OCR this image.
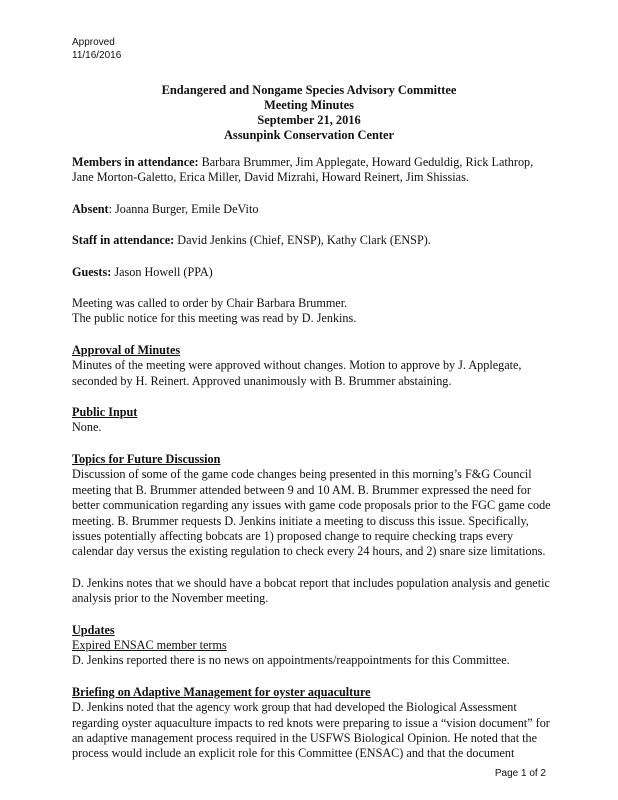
Approved
11/16/2016
Endangered and Nongame Species Advisory Committee
Meeting Minutes
September 21, 2016
Assunpink Conservation Center

Members in attendance: Barbara Brummer, Jim Applegate, Howard Geduldig, Rick Lathrop, Jane Morton-Galetto, Erica Miller, David Mizrahi, Howard Reinert, Jim Shissias.

Absent: Joanna Burger, Emile DeVito

Staff in attendance: David Jenkins (Chief, ENSP), Kathy Clark (ENSP).

Guests: Jason Howell (PPA)

Meeting was called to order by Chair Barbara Brummer.
The public notice for this meeting was read by D. Jenkins.

Approval of Minutes

Minutes of the meeting were approved without changes. Motion to approve by J. Applegate, seconded by H. Reinert. Approved unanimously with B. Brummer abstaining.

Public Input

None.

Topics for Future Discussion

Discussion of some of the game code changes being presented in this morning’s F&G Council meeting that B. Brummer attended between 9 and 10 AM. B. Brummer expressed the need for better communication regarding any issues with game code proposals prior to the FGC game code meeting. B. Brummer requests D. Jenkins initiate a meeting to discuss this issue. Specifically, issues potentially affecting bobcats are 1) proposed change to require checking traps every calendar day versus the existing regulation to check every 24 hours, and 2) snare size limitations.

D. Jenkins notes that we should have a bobcat report that includes population analysis and genetic analysis prior to the November meeting.

Updates
Expired ENSAC member terms

D. Jenkins reported there is no news on appointments/reappointments for this Committee.

Briefing on Adaptive Management for oyster aquaculture

D. Jenkins noted that the agency work group that had developed the Biological Assessment regarding oyster aquaculture impacts to red knots were preparing to issue a “vision document” for an adaptive management process required in the USFWS Biological Opinion. He noted that the process would include an explicit role for this Committee (ENSAC) and that the document

Page 1 of 2
